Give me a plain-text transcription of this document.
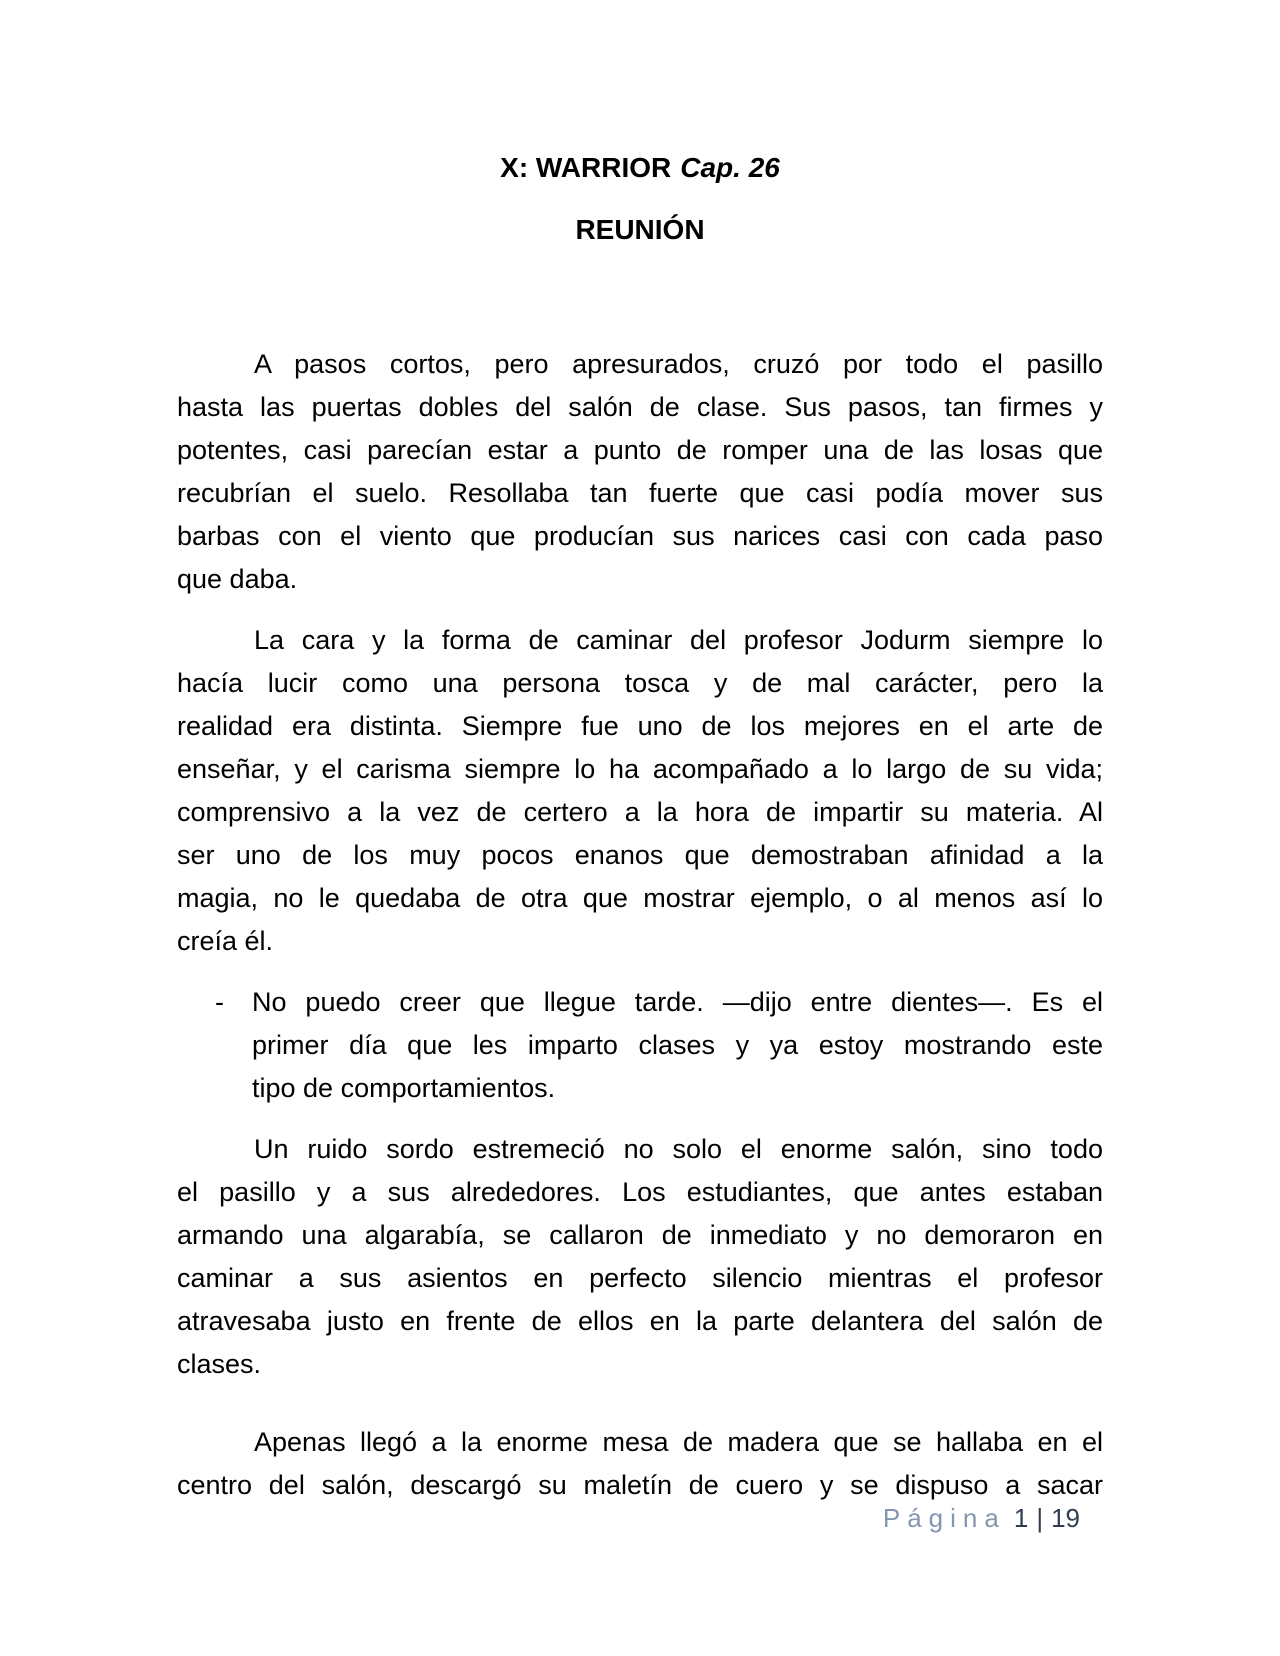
X: WARRIOR Cap. 26
REUNIÓN
A pasos cortos, pero apresurados, cruzó por todo el pasillo
hasta las puertas dobles del salón de clase. Sus pasos, tan firmes y
potentes, casi parecían estar a punto de romper una de las losas que
recubrían el suelo. Resollaba tan fuerte que casi podía mover sus
barbas con el viento que producían sus narices casi con cada paso
que daba.
La cara y la forma de caminar del profesor Jodurm siempre lo
hacía lucir como una persona tosca y de mal carácter, pero la
realidad era distinta. Siempre fue uno de los mejores en el arte de
enseñar, y el carisma siempre lo ha acompañado a lo largo de su vida;
comprensivo a la vez de certero a la hora de impartir su materia. Al
ser uno de los muy pocos enanos que demostraban afinidad a la
magia, no le quedaba de otra que mostrar ejemplo, o al menos así lo
creía él.
No puedo creer que llegue tarde. —dijo entre dientes—. Es el
primer día que les imparto clases y ya estoy mostrando este
tipo de comportamientos.
-
Un ruido sordo estremeció no solo el enorme salón, sino todo
el pasillo y a sus alrededores. Los estudiantes, que antes estaban
armando una algarabía, se callaron de inmediato y no demoraron en
caminar a sus asientos en perfecto silencio mientras el profesor
atravesaba justo en frente de ellos en la parte delantera del salón de
clases.
Apenas llegó a la enorme mesa de madera que se hallaba en el
centro del salón, descargó su maletín de cuero y se dispuso a sacar
Página 1 | 19
